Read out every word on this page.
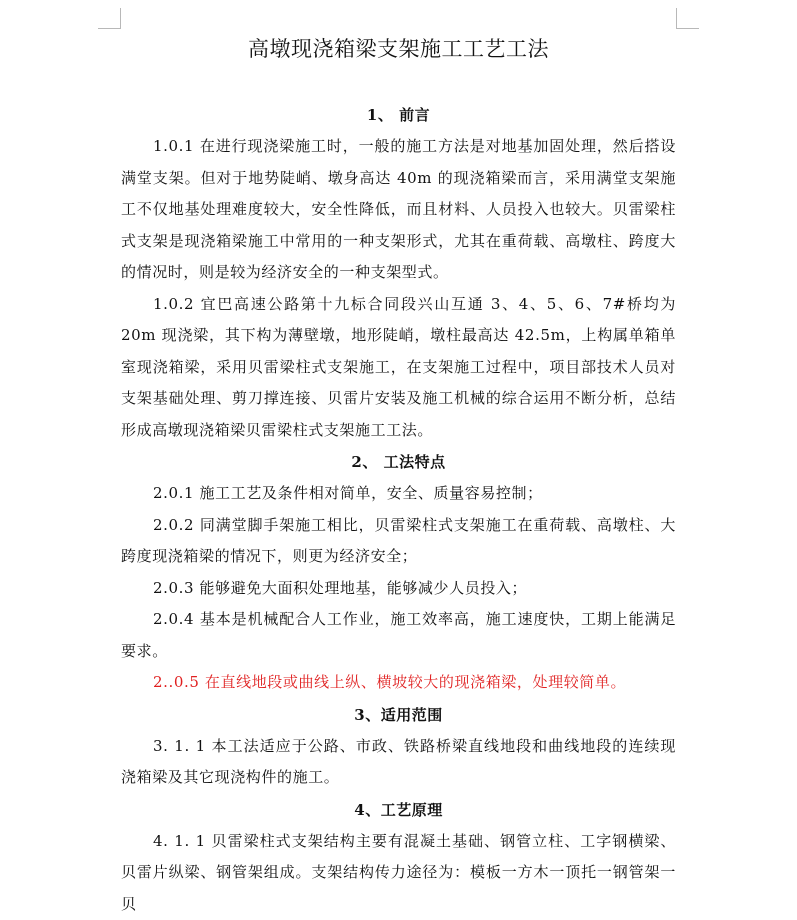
高墩现浇箱梁支架施工工艺工法
1、 前言

1.0.1 在进行现浇梁施工时，一般的施工方法是对地基加固处理，然后搭设满堂支架。但对于地势陡峭、墩身高达 40m 的现浇箱梁而言，采用满堂支架施工不仅地基处理难度较大，安全性降低，而且材料、人员投入也较大。贝雷梁柱式支架是现浇箱梁施工中常用的一种支架形式，尤其在重荷载、高墩柱、跨度大的情况时，则是较为经济安全的一种支架型式。

1.0.2 宜巴高速公路第十九标合同段兴山互通 3、4、5、6、7#桥均为 20m 现浇梁，其下构为薄壁墩，地形陡峭，墩柱最高达 42.5m，上构属单箱单室现浇箱梁，采用贝雷梁柱式支架施工，在支架施工过程中，项目部技术人员对支架基础处理、剪刀撑连接、贝雷片安装及施工机械的综合运用不断分析，总结形成高墩现浇箱梁贝雷梁柱式支架施工工法。

2、 工法特点

2.0.1 施工工艺及条件相对简单，安全、质量容易控制；

2.0.2 同满堂脚手架施工相比，贝雷梁柱式支架施工在重荷载、高墩柱、大跨度现浇箱梁的情况下，则更为经济安全；

2.0.3 能够避免大面积处理地基，能够减少人员投入；

2.0.4 基本是机械配合人工作业，施工效率高，施工速度快，工期上能满足要求。

2..0.5 在直线地段或曲线上纵、横坡较大的现浇箱梁，处理较简单。

3、适用范围

3. 1. 1 本工法适应于公路、市政、铁路桥梁直线地段和曲线地段的连续现浇箱梁及其它现浇构件的施工。

4、工艺原理

4. 1. 1 贝雷梁柱式支架结构主要有混凝土基础、钢管立柱、工字钢横梁、贝雷片纵梁、钢管架组成。支架结构传力途径为：模板一方木一顶托一钢管架一贝
